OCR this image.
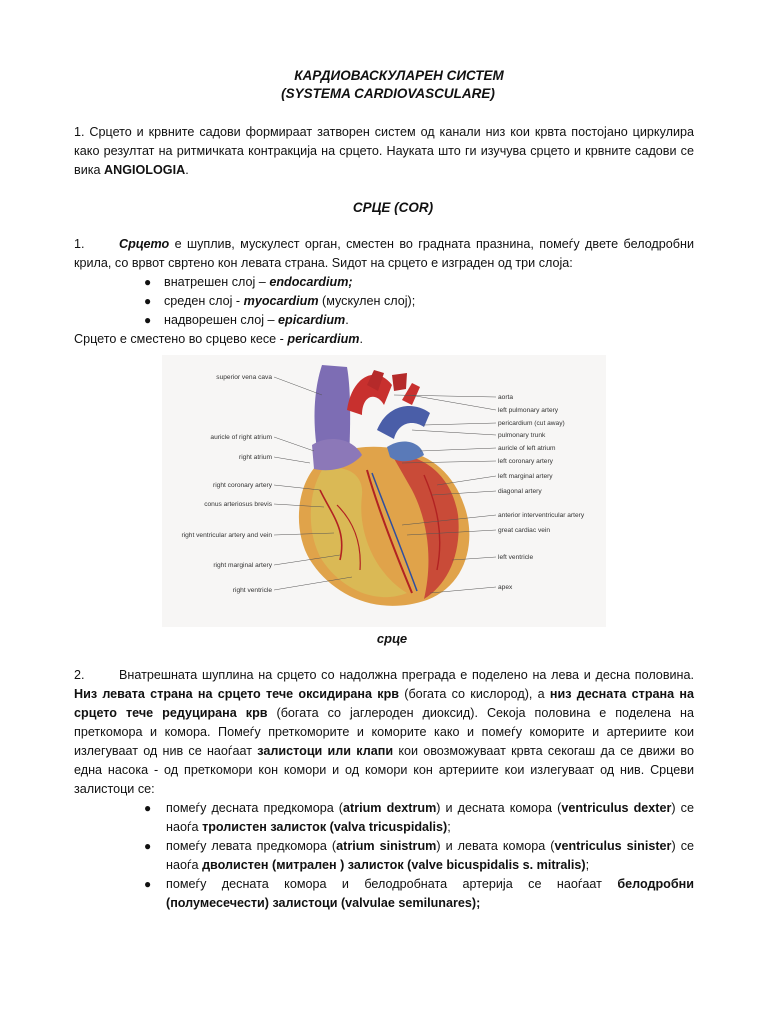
КАРДИОВАСКУЛАРЕН СИСТЕМ
(SYSTEMA CARDIOVASCULARE)

1. Срцето и крвните садови формираат затворен систем од канали низ кои крвта постојано циркулира како резултат на ритмичката контракција на срцето. Науката што ги изучува срцето и крвните садови се вика ANGIOLOGIA.

СРЦЕ (COR)

1.	Срцето е шуплив, мускулест орган, сместен во градната празнина, помеѓу двете белодробни крила, со врвот свртено кон левата страна. Ѕидот на срцето е изграден од три слоја:

● внатрешен слој – endocardium;
● среден слој - myocardium (мускулен слој);
● надворешен слој – epicardium.

Срцето е сместено во срцево кесе - pericardium.

superior vena cava
auricle of right atrium
right atrium
right coronary artery
conus arteriosus brevis
right ventricular artery and vein
right marginal artery
right ventricle
aorta
left pulmonary artery
pericardium (cut away)
pulmonary trunk
auricle of left atrium
left coronary artery
left marginal artery
diagonal artery
anterior interventricular artery
great cardiac vein
left ventricle
apex
срце

2.	Внатрешната шуплина на срцето со надолжна преграда е поделено на лева и десна половина. Низ левата страна на срцето тече оксидирана крв (богата со кислород), а низ десната страна на срцето тече редуцирана крв (богата со јаглероден диоксид). Секоја половина е поделена на преткомора и комора. Помеѓу преткоморите и коморите како и помеѓу коморите и артериите кои излегуваат од нив се наоѓаат залистоци или клапи кои овозможуваат крвта секогаш да се движи во една насока - од преткомори кон комори и од комори кон артериите кои излегуваат од нив. Срцеви залистоци се:

● помеѓу десната предкомора (atrium dextrum) и десната комора (ventriculus dexter) се наоѓа тролистен залисток (valva tricuspidalis);
● помеѓу левата предкомора (atrium sinistrum) и левата комора (ventriculus sinister) се наоѓа дволистен (митрален ) залисток (valve bicuspidalis s. mitralis);
● помеѓу десната комора и белодробната артерија се наоѓаат белодробни (полумесечести) залистоци (valvulae semilunares);
